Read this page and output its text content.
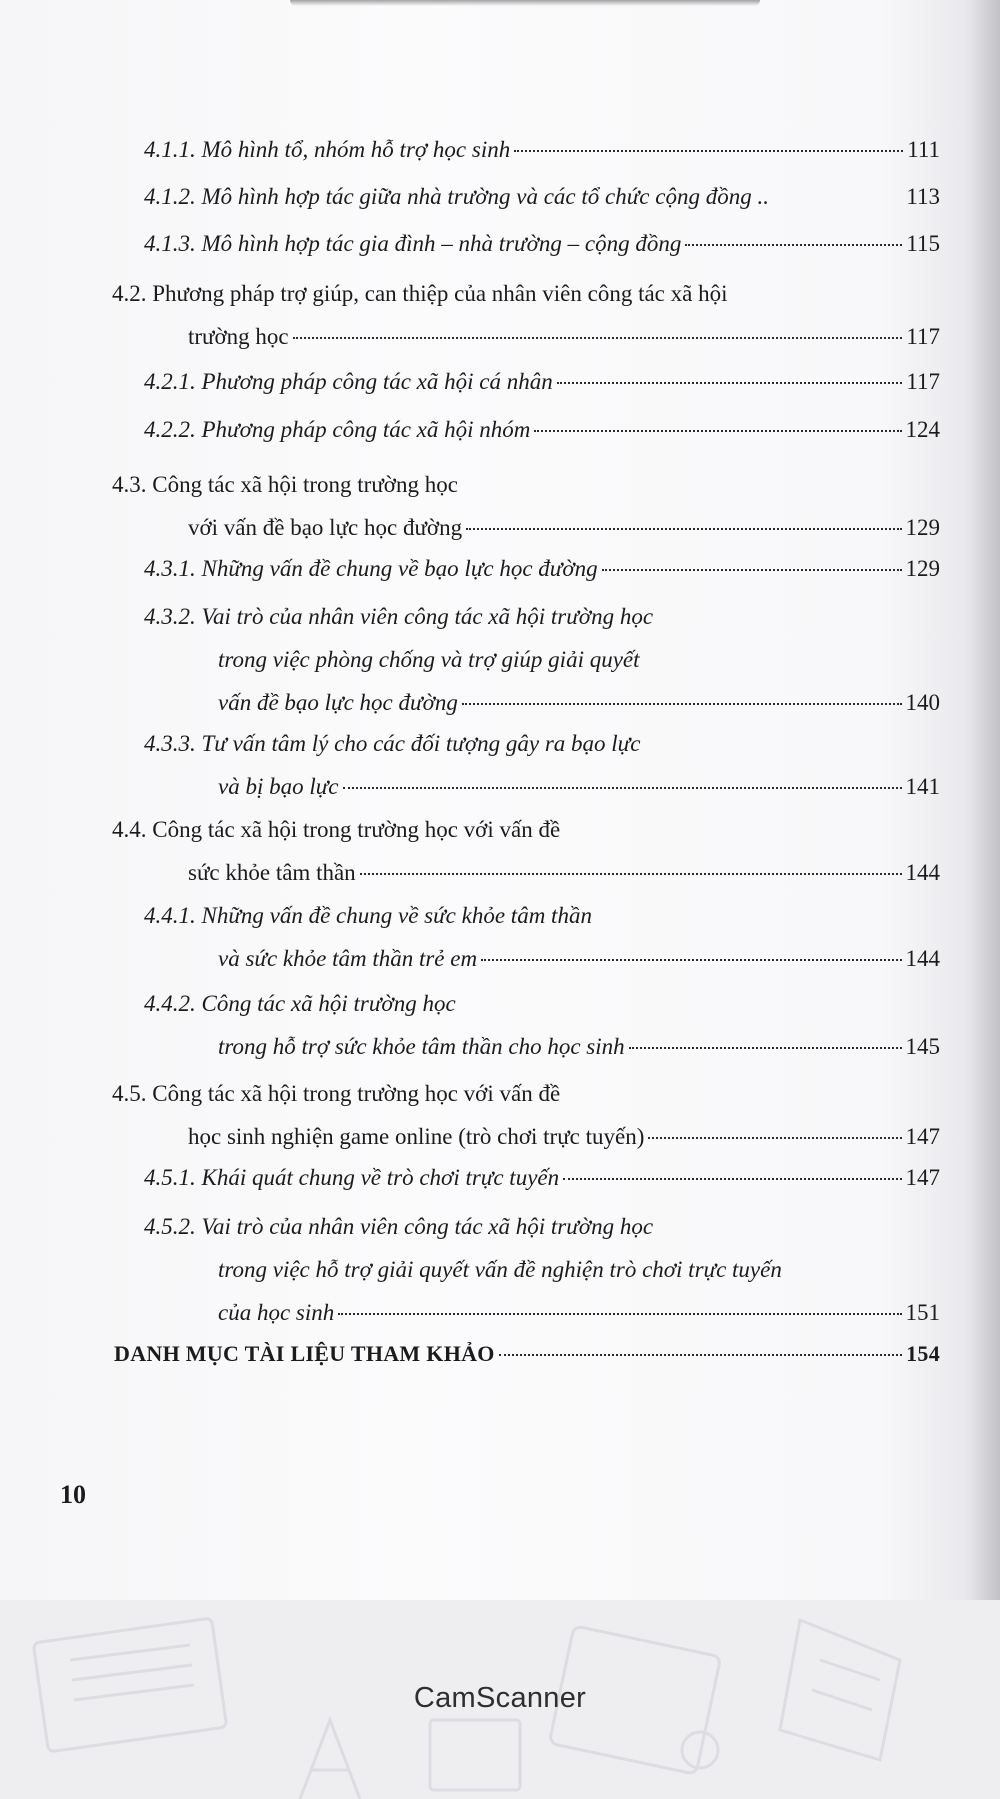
4.1.1. Mô hình tổ, nhóm hỗ trợ học sinh	111
4.1.2. Mô hình hợp tác giữa nhà trường và các tổ chức cộng đồng ..	113
4.1.3. Mô hình hợp tác gia đình – nhà trường – cộng đồng	115
4.2. Phương pháp trợ giúp, can thiệp của nhân viên công tác xã hội
trường học	117
4.2.1. Phương pháp công tác xã hội cá nhân	117
4.2.2. Phương pháp công tác xã hội nhóm	124
4.3. Công tác xã hội trong trường học
với vấn đề bạo lực học đường	129
4.3.1. Những vấn đề chung về bạo lực học đường	129
4.3.2. Vai trò của nhân viên công tác xã hội trường học
trong việc phòng chống và trợ giúp giải quyết
vấn đề bạo lực học đường	140
4.3.3. Tư vấn tâm lý cho các đối tượng gây ra bạo lực
và bị bạo lực	141
4.4. Công tác xã hội trong trường học với vấn đề
sức khỏe tâm thần	144
4.4.1. Những vấn đề chung về sức khỏe tâm thần
và sức khỏe tâm thần trẻ em	144
4.4.2. Công tác xã hội trường học
trong hỗ trợ sức khỏe tâm thần cho học sinh	145
4.5. Công tác xã hội trong trường học với vấn đề
học sinh nghiện game online (trò chơi trực tuyến)	147
4.5.1. Khái quát chung về trò chơi trực tuyến	147
4.5.2. Vai trò của nhân viên công tác xã hội trường học
trong việc hỗ trợ giải quyết vấn đề nghiện trò chơi trực tuyến
của học sinh	151
DANH MỤC TÀI LIỆU THAM KHẢO	154
10
CamScanner
